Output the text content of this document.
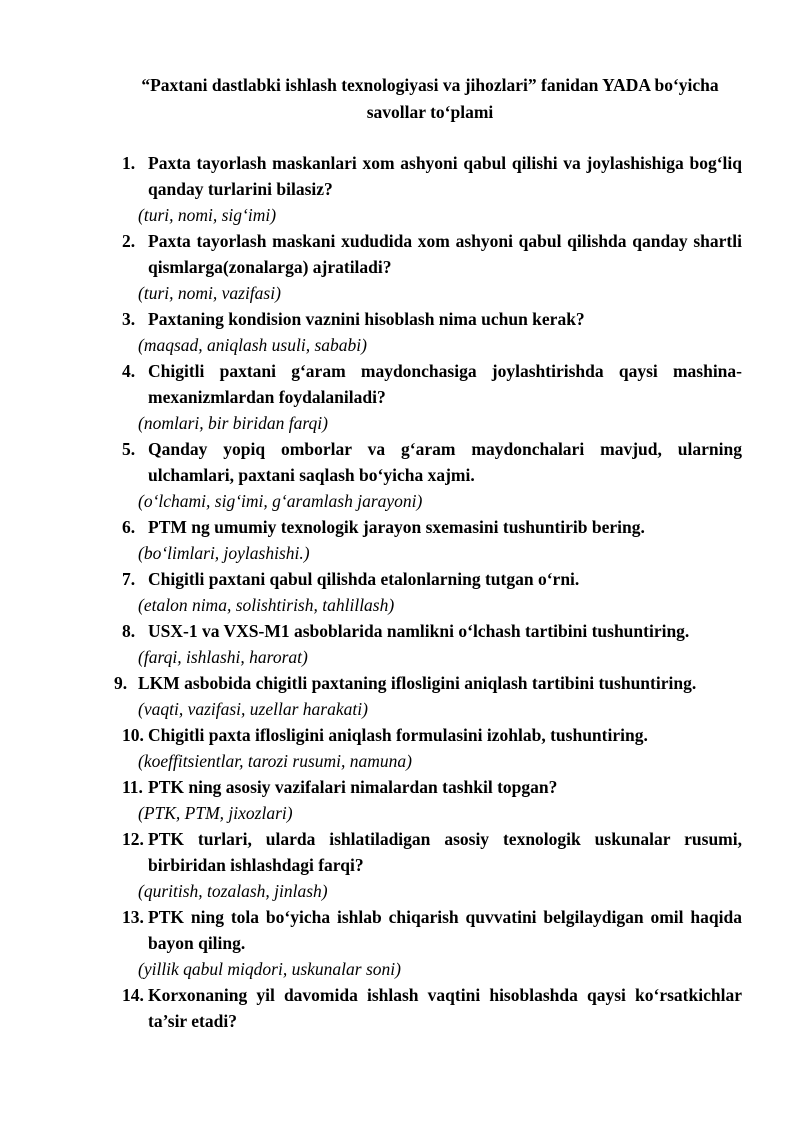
“Paxtani dastlabki ishlash texnologiyasi va jihozlari” fanidan YADA bo‘yicha
savollar to‘plami
1. Paxta tayorlash maskanlari xom ashyoni qabul qilishi va joylashishiga bog‘liq qanday turlarini bilasiz?
(turi, nomi, sig‘imi)
2. Paxta tayorlash maskani xududida xom ashyoni qabul qilishda qanday shartli qismlarga(zonalarga) ajratiladi?
(turi, nomi, vazifasi)
3. Paxtaning kondision vaznini hisoblash nima uchun kerak?
(maqsad, aniqlash usuli, sababi)
4. Chigitli paxtani g‘aram maydonchasiga joylashtirishda qaysi mashina-mexanizmlardan foydalaniladi?
(nomlari, bir biridan farqi)
5. Qanday yopiq omborlar va g‘aram maydonchalari mavjud, ularning ulchamlari, paxtani saqlash bo‘yicha xajmi.
(o‘lchami, sig‘imi, g‘aramlash jarayoni)
6. PTM ng umumiy texnologik jarayon sxemasini tushuntirib bering.
(bo‘limlari, joylashishi.)
7. Chigitli paxtani qabul qilishda etalonlarning tutgan o‘rni.
(etalon nima, solishtirish, tahlillash)
8. USX-1 va VXS-M1 asboblarida namlikni o‘lchash tartibini tushuntiring.
(farqi, ishlashi, harorat)
9. LKM asbobida chigitli paxtaning iflosligini aniqlash tartibini tushuntiring.
(vaqti, vazifasi, uzellar harakati)
10. Chigitli paxta iflosligini aniqlash formulasini izohlab, tushuntiring.
(koeffitsientlar, tarozi rusumi, namuna)
11. PTK ning asosiy vazifalari nimalardan tashkil topgan?
(PTK, PTM, jixozlari)
12. PTK turlari, ularda ishlatiladigan asosiy texnologik uskunalar rusumi, birbiridan ishlashdagi farqi?
(quritish, tozalash, jinlash)
13. PTK ning tola bo‘yicha ishlab chiqarish quvvatini belgilaydigan omil haqida bayon qiling.
(yillik qabul miqdori, uskunalar soni)
14. Korxonaning yil davomida ishlash vaqtini hisoblashda qaysi ko‘rsatkichlar ta’sir etadi?
